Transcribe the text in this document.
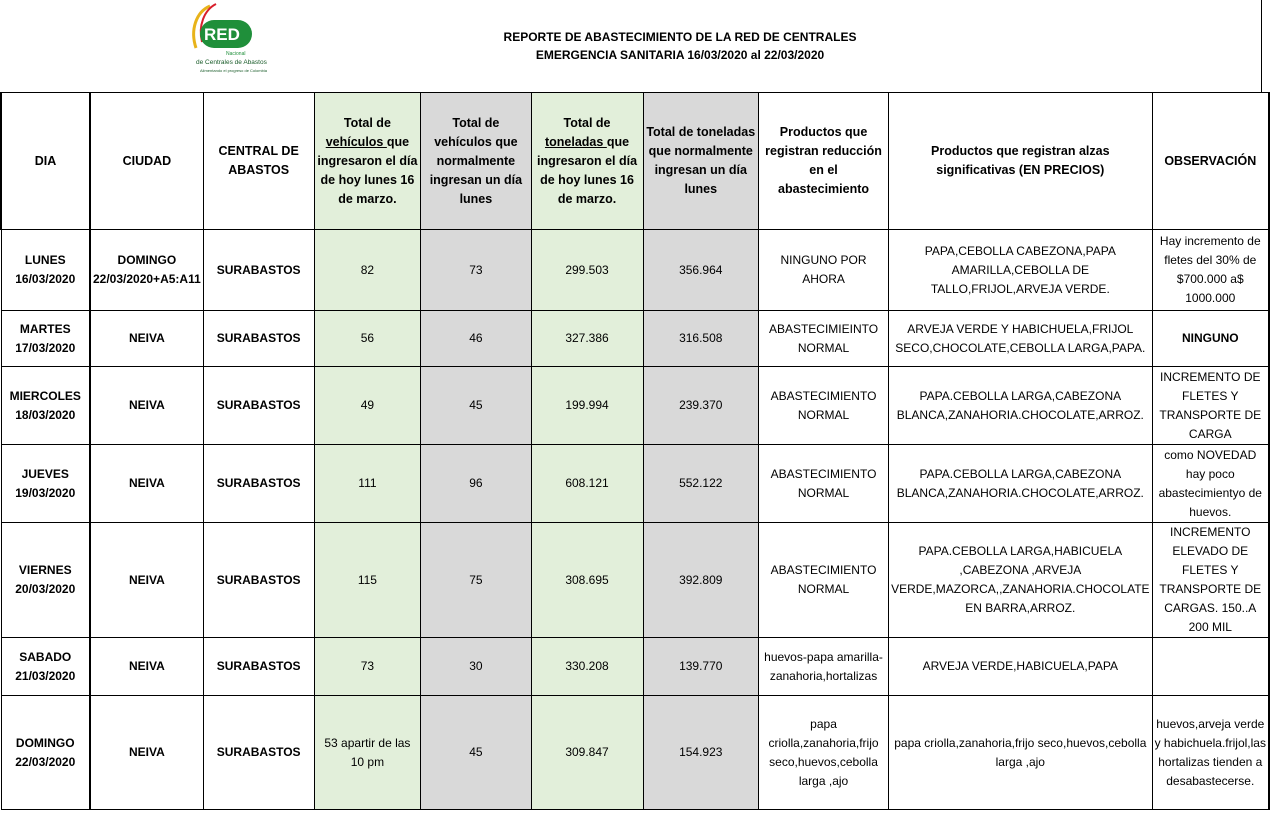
RED
Nacional
de Centrales de Abastos
Alimentando el progreso de Colombia
REPORTE DE ABASTECIMIENTO DE LA RED DE CENTRALES
EMERGENCIA SANITARIA 16/03/2020 al 22/03/2020
DIA	CIUDAD	CENTRAL DE ABASTOS	Total de vehículos que ingresaron el día de hoy lunes 16 de marzo.	Total de vehículos que normalmente ingresan un día lunes	Total de toneladas que ingresaron el día de hoy lunes 16 de marzo.	Total de toneladas que normalmente ingresan un día lunes	Productos que registran reducción en el abastecimiento	Productos que registran alzas significativas (EN PRECIOS)	OBSERVACIÓN
LUNES 16/03/2020	DOMINGO 22/03/2020+A5:A11	SURABASTOS	82	73	299.503	356.964	NINGUNO POR AHORA	PAPA,CEBOLLA CABEZONA,PAPA AMARILLA,CEBOLLA DE TALLO,FRIJOL,ARVEJA VERDE.	Hay incremento de fletes del 30% de $700.000 a$ 1000.000
MARTES 17/03/2020	NEIVA	SURABASTOS	56	46	327.386	316.508	ABASTECIMIEINTO NORMAL	ARVEJA VERDE Y HABICHUELA,FRIJOL SECO,CHOCOLATE,CEBOLLA LARGA,PAPA.	NINGUNO
MIERCOLES 18/03/2020	NEIVA	SURABASTOS	49	45	199.994	239.370	ABASTECIMIENTO NORMAL	PAPA.CEBOLLA LARGA,CABEZONA BLANCA,ZANAHORIA.CHOCOLATE,ARROZ.	INCREMENTO DE FLETES Y TRANSPORTE DE CARGA
JUEVES 19/03/2020	NEIVA	SURABASTOS	111	96	608.121	552.122	ABASTECIMIENTO NORMAL	PAPA.CEBOLLA LARGA,CABEZONA BLANCA,ZANAHORIA.CHOCOLATE,ARROZ.	como NOVEDAD hay poco abastecimientyo de huevos.
VIERNES 20/03/2020	NEIVA	SURABASTOS	115	75	308.695	392.809	ABASTECIMIENTO NORMAL	PAPA.CEBOLLA LARGA,HABICUELA ,CABEZONA ,ARVEJA VERDE,MAZORCA,,ZANAHORIA.CHOCOLATE EN BARRA,ARROZ.	INCREMENTO ELEVADO DE FLETES Y TRANSPORTE DE CARGAS. 150..A 200 MIL
SABADO 21/03/2020	NEIVA	SURABASTOS	73	30	330.208	139.770	huevos-papa amarilla-zanahoria,hortalizas	ARVEJA VERDE,HABICUELA,PAPA	
DOMINGO 22/03/2020	NEIVA	SURABASTOS	53 apartir de las 10 pm	45	309.847	154.923	papa criolla,zanahoria,frijo seco,huevos,cebolla larga ,ajo	papa criolla,zanahoria,frijo seco,huevos,cebolla larga ,ajo	huevos,arveja verde y habichuela.frijol,las hortalizas tienden a desabastecerse.
